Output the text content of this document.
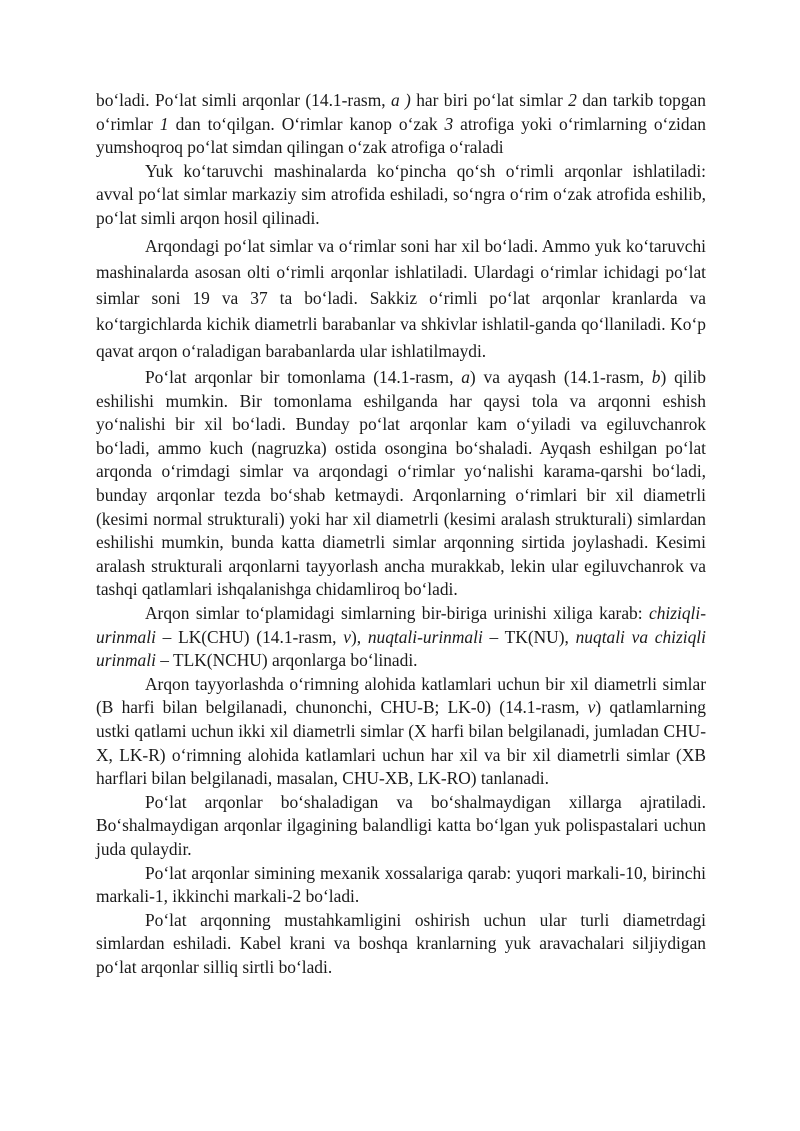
bo‘ladi. Po‘lat simli arqonlar (14.1-rasm, a ) har biri po‘lat simlar 2 dan tarkib topgan o‘rimlar 1 dan to‘qilgan. O‘rimlar kanop o‘zak 3 atrofiga yoki o‘rimlarning o‘zidan yumshoqroq po‘lat simdan qilingan o‘zak atrofiga o‘raladi

Yuk ko‘taruvchi mashinalarda ko‘pincha qo‘sh o‘rimli arqonlar ishlatiladi: avval po‘lat simlar markaziy sim atrofida eshiladi, so‘ngra o‘rim o‘zak atrofida eshilib, po‘lat simli arqon hosil qilinadi.

Arqondagi po‘lat simlar va o‘rimlar soni har xil bo‘ladi. Ammo yuk ko‘taruvchi mashinalarda asosan olti o‘rimli arqonlar ishlatiladi. Ulardagi o‘rimlar ichidagi po‘lat simlar soni 19 va 37 ta bo‘ladi. Sakkiz o‘rimli po‘lat arqonlar kranlarda va ko‘targichlarda kichik diametrli barabanlar va shkivlar ishlatil-ganda qo‘llaniladi. Ko‘p qavat arqon o‘raladigan barabanlarda ular ishlatilmaydi.

Po‘lat arqonlar bir tomonlama (14.1-rasm, a) va ayqash (14.1-rasm, b) qilib eshilishi mumkin. Bir tomonlama eshilganda har qaysi tola va arqonni eshish yo‘nalishi bir xil bo‘ladi. Bunday po‘lat arqonlar kam o‘yiladi va egiluvchanrok bo‘ladi, ammo kuch (nagruzka) ostida osongina bo‘shaladi. Ayqash eshilgan po‘lat arqonda o‘rimdagi simlar va arqondagi o‘rimlar yo‘nalishi karama-qarshi bo‘ladi, bunday arqonlar tezda bo‘shab ketmaydi. Arqonlarning o‘rimlari bir xil diametrli (kesimi normal strukturali) yoki har xil diametrli (kesimi aralash strukturali) simlardan eshilishi mumkin, bunda katta diametrli simlar arqonning sirtida joylashadi. Kesimi aralash strukturali arqonlarni tayyorlash ancha murakkab, lekin ular egiluvchanrok va tashqi qatlamlari ishqalanishga chidamliroq bo‘ladi.

Arqon simlar to‘plamidagi simlarning bir-biriga urinishi xiliga karab: chiziqli-urinmali – LK(CHU) (14.1-rasm, v), nuqtali-urinmali – TK(NU), nuqtali va chiziqli urinmali – TLK(NCHU) arqonlarga bo‘linadi.

Arqon tayyorlashda o‘rimning alohida katlamlari uchun bir xil diametrli simlar (B harfi bilan belgilanadi, chunonchi, CHU-B; LK-0) (14.1-rasm, v) qatlamlarning ustki qatlami uchun ikki xil diametrli simlar (X harfi bilan belgilanadi, jumladan CHU-X, LK-R) o‘rimning alohida katlamlari uchun har xil va bir xil diametrli simlar (XB harflari bilan belgilanadi, masalan, CHU-XB, LK-RO) tanlanadi.

Po‘lat arqonlar bo‘shaladigan va bo‘shalmaydigan xillarga ajratiladi. Bo‘shalmaydigan arqonlar ilgagining balandligi katta bo‘lgan yuk polispastalari uchun juda qulaydir.

Po‘lat arqonlar simining mexanik xossalariga qarab: yuqori markali-10, birinchi markali-1, ikkinchi markali-2 bo‘ladi.

Po‘lat arqonning mustahkamligini oshirish uchun ular turli diametrdagi simlardan eshiladi. Kabel krani va boshqa kranlarning yuk aravachalari siljiydigan po‘lat arqonlar silliq sirtli bo‘ladi.
